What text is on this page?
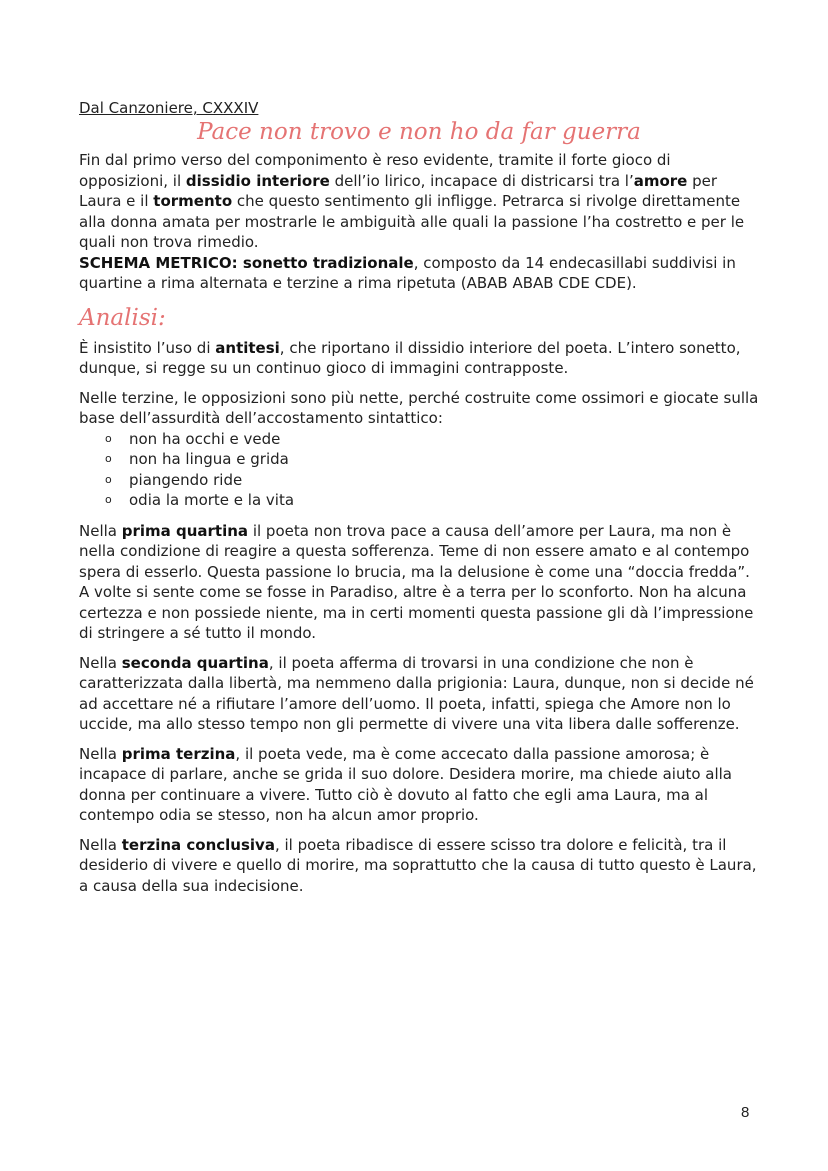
Dal Canzoniere, CXXXIV

Pace non trovo e non ho da far guerra

Fin dal primo verso del componimento è reso evidente, tramite il forte gioco di opposizioni, il dissidio interiore dell’io lirico, incapace di districarsi tra l’amore per Laura e il tormento che questo sentimento gli infligge. Petrarca si rivolge direttamente alla donna amata per mostrarle le ambiguità alle quali la passione l’ha costretto e per le quali non trova rimedio.

SCHEMA METRICO: sonetto tradizionale, composto da 14 endecasillabi suddivisi in quartine a rima alternata e terzine a rima ripetuta (ABAB ABAB CDE CDE).

Analisi:

È insistito l’uso di antitesi, che riportano il dissidio interiore del poeta. L’intero sonetto, dunque, si regge su un continuo gioco di immagini contrapposte.

Nelle terzine, le opposizioni sono più nette, perché costruite come ossimori e giocate sulla base dell’assurdità dell’accostamento sintattico:

o non ha occhi e vede
o non ha lingua e grida
o piangendo ride
o odia la morte e la vita

Nella prima quartina il poeta non trova pace a causa dell’amore per Laura, ma non è nella condizione di reagire a questa sofferenza. Teme di non essere amato e al contempo spera di esserlo. Questa passione lo brucia, ma la delusione è come una “doccia fredda”. A volte si sente come se fosse in Paradiso, altre è a terra per lo sconforto. Non ha alcuna certezza e non possiede niente, ma in certi momenti questa passione gli dà l’impressione di stringere a sé tutto il mondo.

Nella seconda quartina, il poeta afferma di trovarsi in una condizione che non è caratterizzata dalla libertà, ma nemmeno dalla prigionia: Laura, dunque, non si decide né ad accettare né a rifiutare l’amore dell’uomo. Il poeta, infatti, spiega che Amore non lo uccide, ma allo stesso tempo non gli permette di vivere una vita libera dalle sofferenze.

Nella prima terzina, il poeta vede, ma è come accecato dalla passione amorosa; è incapace di parlare, anche se grida il suo dolore. Desidera morire, ma chiede aiuto alla donna per continuare a vivere. Tutto ciò è dovuto al fatto che egli ama Laura, ma al contempo odia se stesso, non ha alcun amor proprio.

Nella terzina conclusiva, il poeta ribadisce di essere scisso tra dolore e felicità, tra il desiderio di vivere e quello di morire, ma soprattutto che la causa di tutto questo è Laura, a causa della sua indecisione.

8
